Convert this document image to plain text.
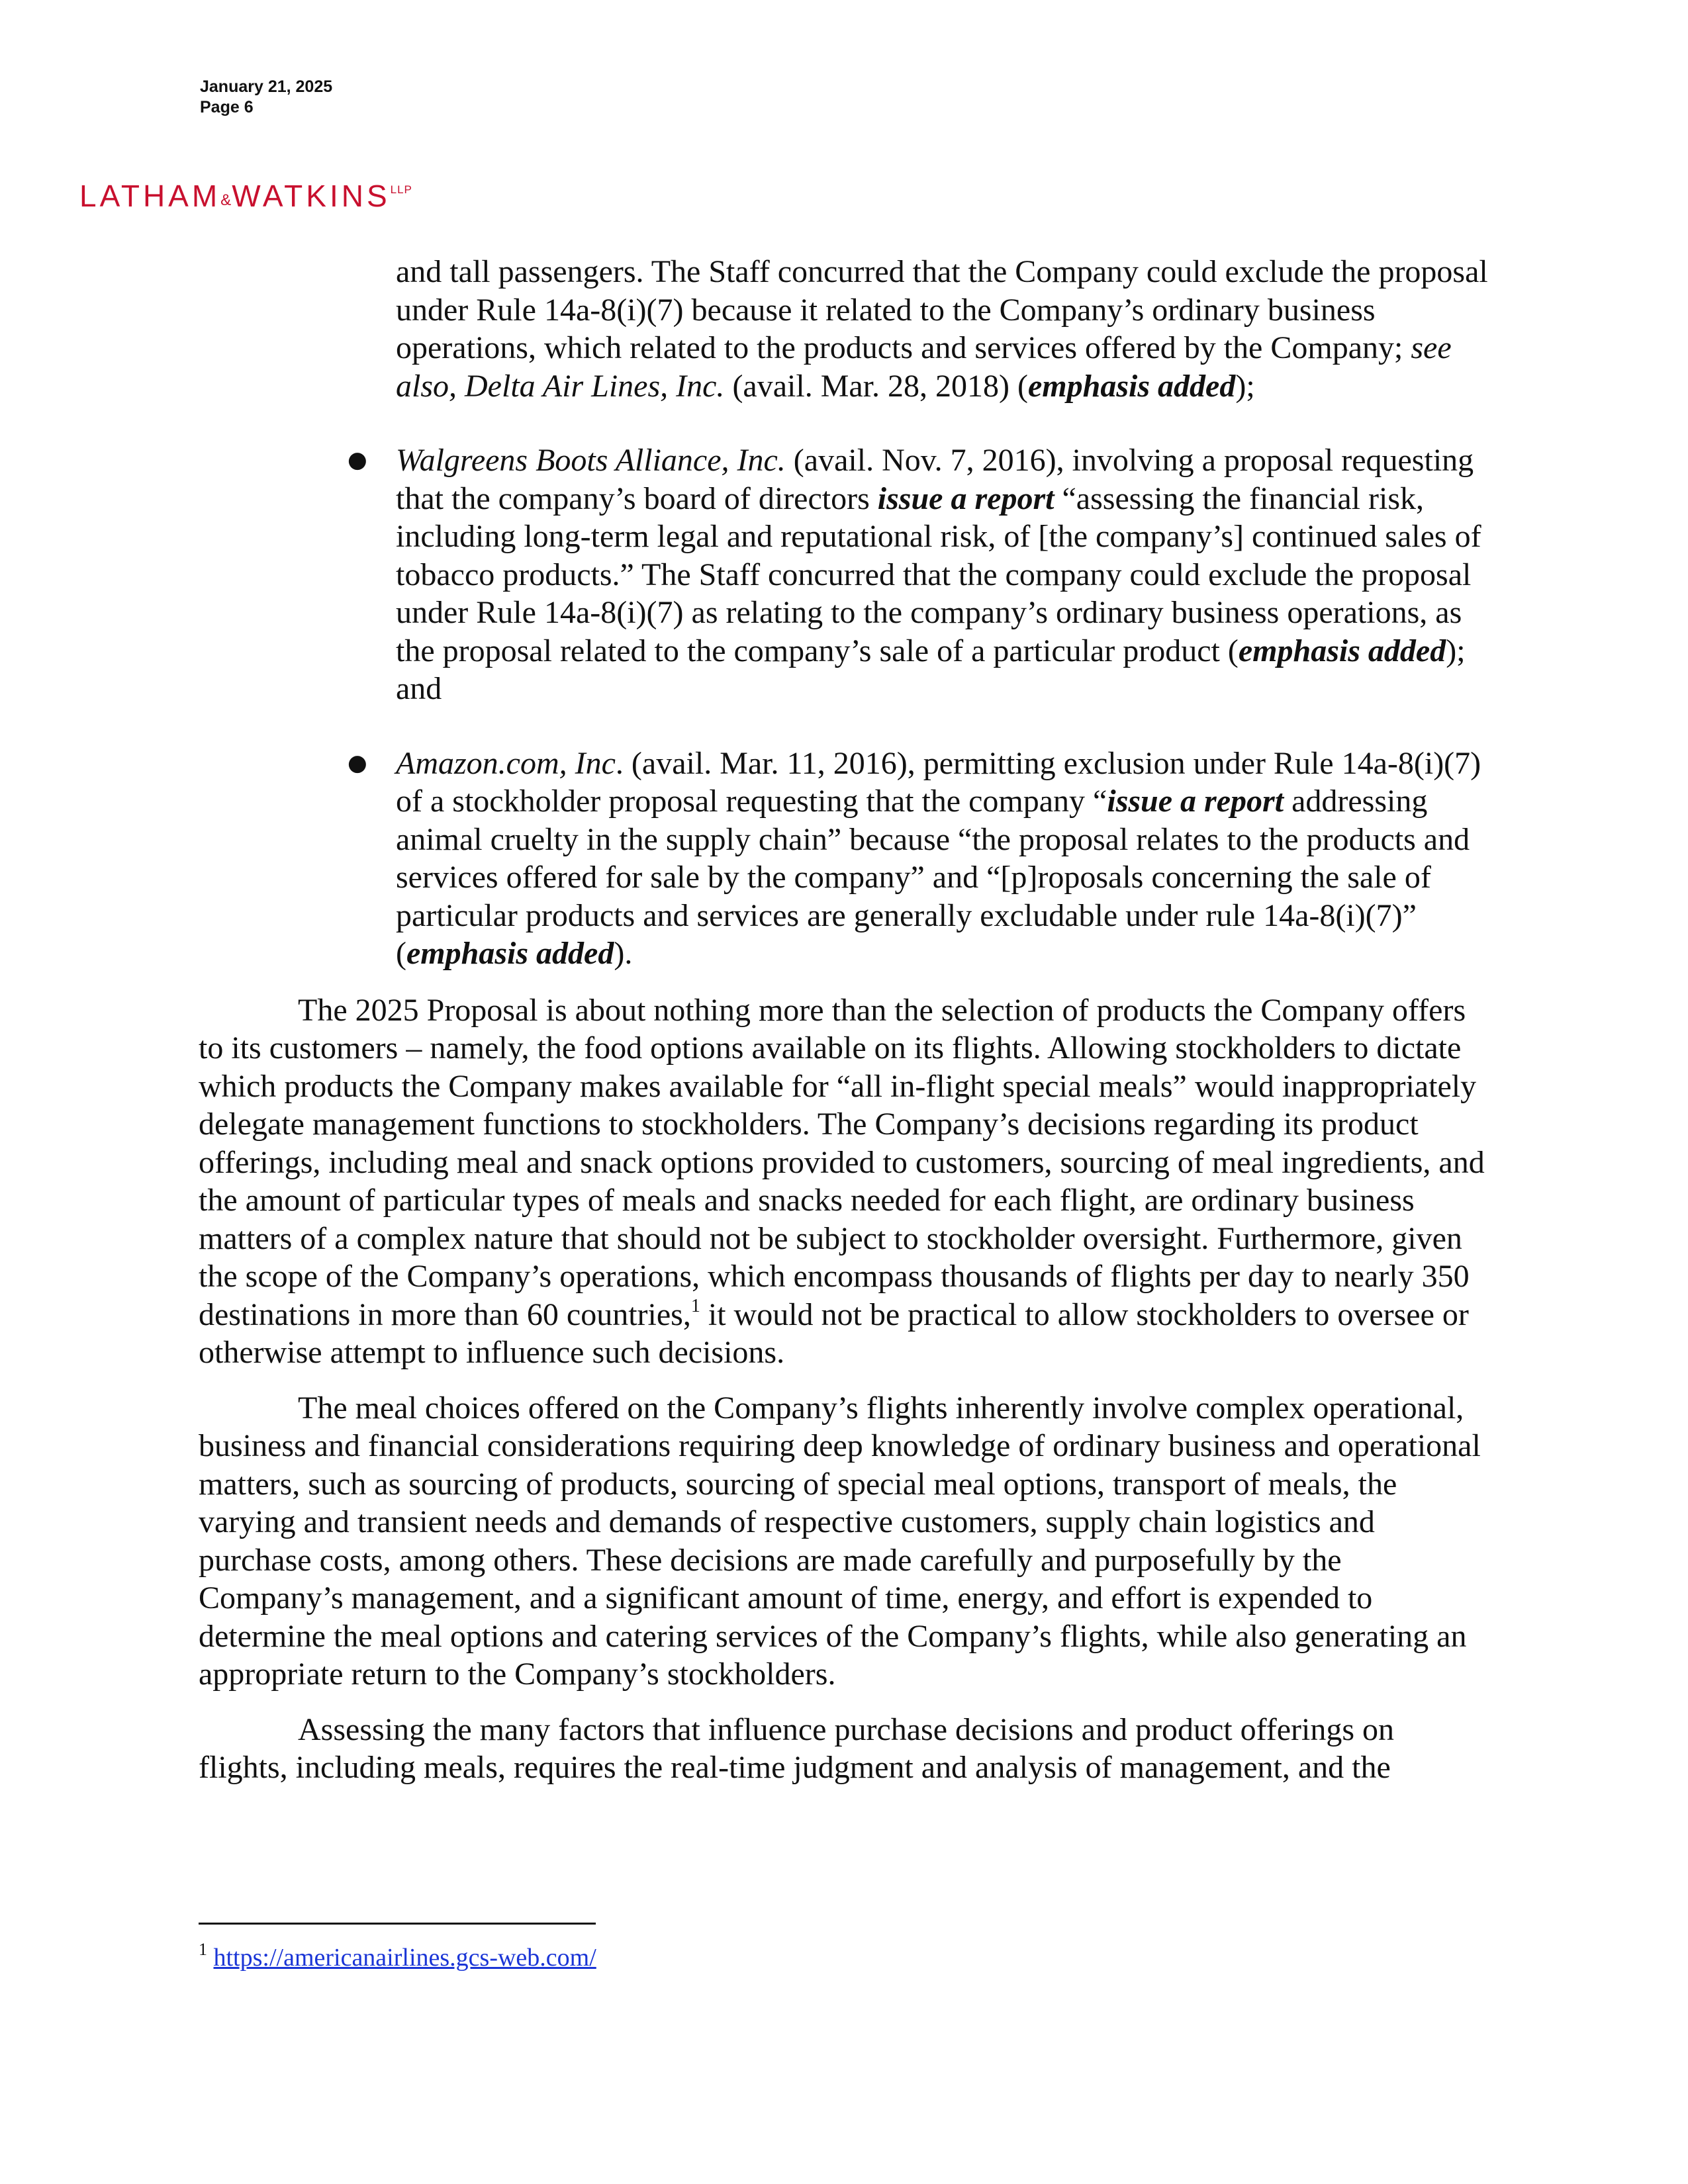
January 21, 2025
Page 6
$LATHAM\&WATKINS^{LLP}$
and tall passengers. The Staff concurred that the Company could exclude the proposal under Rule 14a-8(i)(7) because it related to the Company’s ordinary business operations, which related to the products and services offered by the Company; see also, Delta Air Lines, Inc. (avail. Mar. 28, 2018) (emphasis added);
● Walgreens Boots Alliance, Inc. (avail. Nov. 7, 2016), involving a proposal requesting that the company’s board of directors issue a report “assessing the financial risk, including long-term legal and reputational risk, of [the company’s] continued sales of tobacco products.” The Staff concurred that the company could exclude the proposal under Rule 14a-8(i)(7) as relating to the company’s ordinary business operations, as the proposal related to the company’s sale of a particular product (emphasis added); and
● Amazon.com, Inc. (avail. Mar. 11, 2016), permitting exclusion under Rule 14a-8(i)(7) of a stockholder proposal requesting that the company “issue a report addressing animal cruelty in the supply chain” because “the proposal relates to the products and services offered for sale by the company” and “[p]roposals concerning the sale of particular products and services are generally excludable under rule 14a-8(i)(7)” (emphasis added).

The 2025 Proposal is about nothing more than the selection of products the Company offers to its customers – namely, the food options available on its flights. Allowing stockholders to dictate which products the Company makes available for “all in-flight special meals” would inappropriately delegate management functions to stockholders. The Company’s decisions regarding its product offerings, including meal and snack options provided to customers, sourcing of meal ingredients, and the amount of particular types of meals and snacks needed for each flight, are ordinary business matters of a complex nature that should not be subject to stockholder oversight. Furthermore, given the scope of the Company’s operations, which encompass thousands of flights per day to nearly 350 destinations in more than 60 countries,$^1$ it would not be practical to allow stockholders to oversee or otherwise attempt to influence such decisions.

The meal choices offered on the Company’s flights inherently involve complex operational, business and financial considerations requiring deep knowledge of ordinary business and operational matters, such as sourcing of products, sourcing of special meal options, transport of meals, the varying and transient needs and demands of respective customers, supply chain logistics and purchase costs, among others. These decisions are made carefully and purposefully by the Company’s management, and a significant amount of time, energy, and effort is expended to determine the meal options and catering services of the Company’s flights, while also generating an appropriate return to the Company’s stockholders.

Assessing the many factors that influence purchase decisions and product offerings on flights, including meals, requires the real-time judgment and analysis of management, and the

$^1$ https://americanairlines.gcs-web.com/
